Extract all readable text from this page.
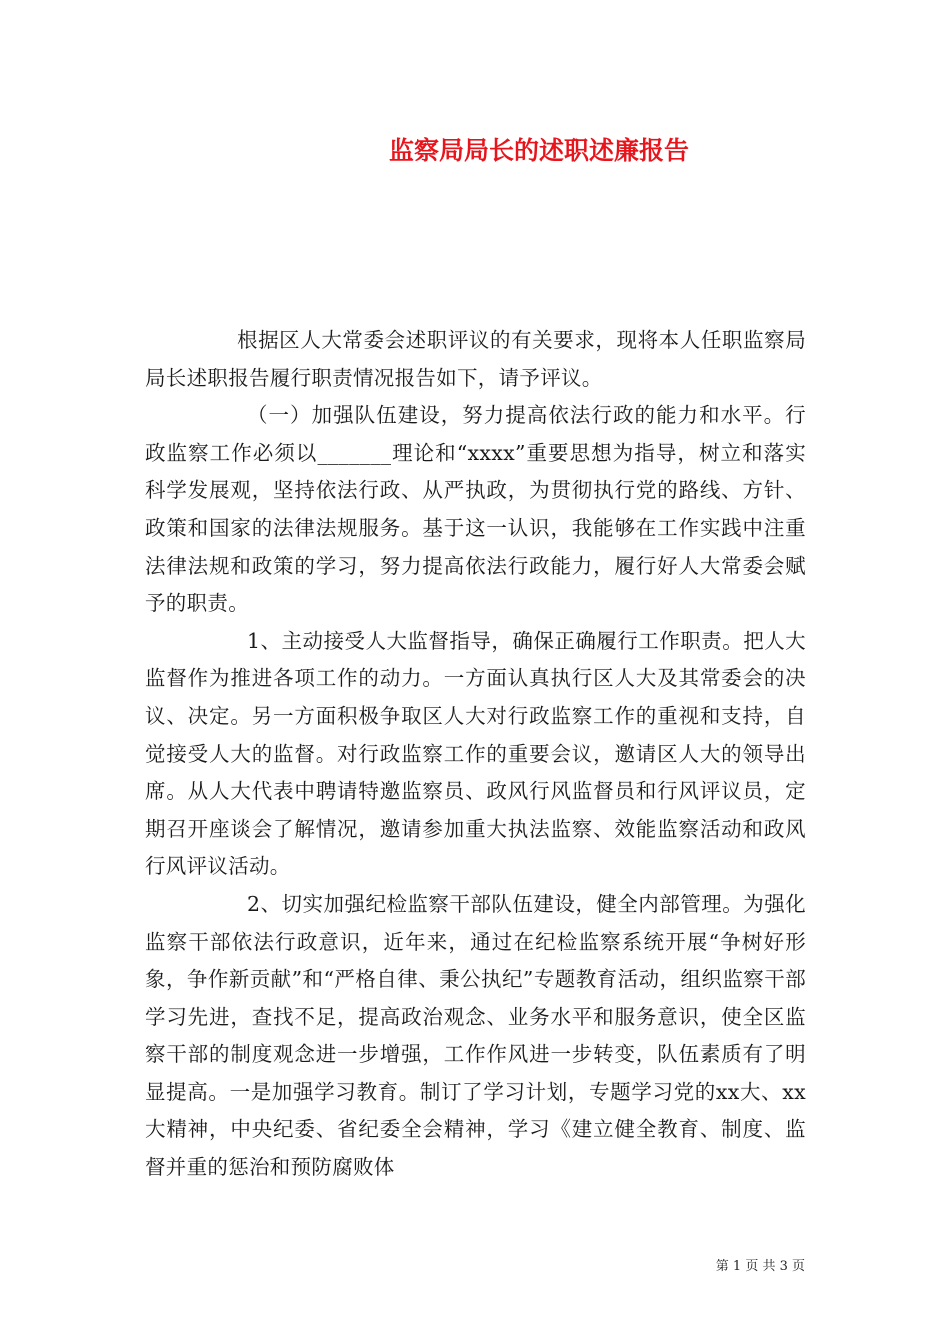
监察局局长的述职述廉报告

根据区人大常委会述职评议的有关要求，现将本人任职监察局局长述职报告履行职责情况报告如下，请予评议。

（一）加强队伍建设，努力提高依法行政的能力和水平。行政监察工作必须以_______理论和“xxxx”重要思想为指导，树立和落实科学发展观，坚持依法行政、从严执政，为贯彻执行党的路线、方针、政策和国家的法律法规服务。基于这一认识，我能够在工作实践中注重法律法规和政策的学习，努力提高依法行政能力，履行好人大常委会赋予的职责。

1、主动接受人大监督指导，确保正确履行工作职责。把人大监督作为推进各项工作的动力。一方面认真执行区人大及其常委会的决议、决定。另一方面积极争取区人大对行政监察工作的重视和支持，自觉接受人大的监督。对行政监察工作的重要会议，邀请区人大的领导出席。从人大代表中聘请特邀监察员、政风行风监督员和行风评议员，定期召开座谈会了解情况，邀请参加重大执法监察、效能监察活动和政风行风评议活动。

2、切实加强纪检监察干部队伍建设，健全内部管理。为强化监察干部依法行政意识，近年来，通过在纪检监察系统开展“争树好形象，争作新贡献”和“严格自律、秉公执纪”专题教育活动，组织监察干部学习先进，查找不足，提高政治观念、业务水平和服务意识，使全区监察干部的制度观念进一步增强，工作作风进一步转变，队伍素质有了明显提高。一是加强学习教育。制订了学习计划，专题学习党的xx大、xx大精神，中央纪委、省纪委全会精神，学习《建立健全教育、制度、监督并重的惩治和预防腐败体

第 1 页 共 3 页
